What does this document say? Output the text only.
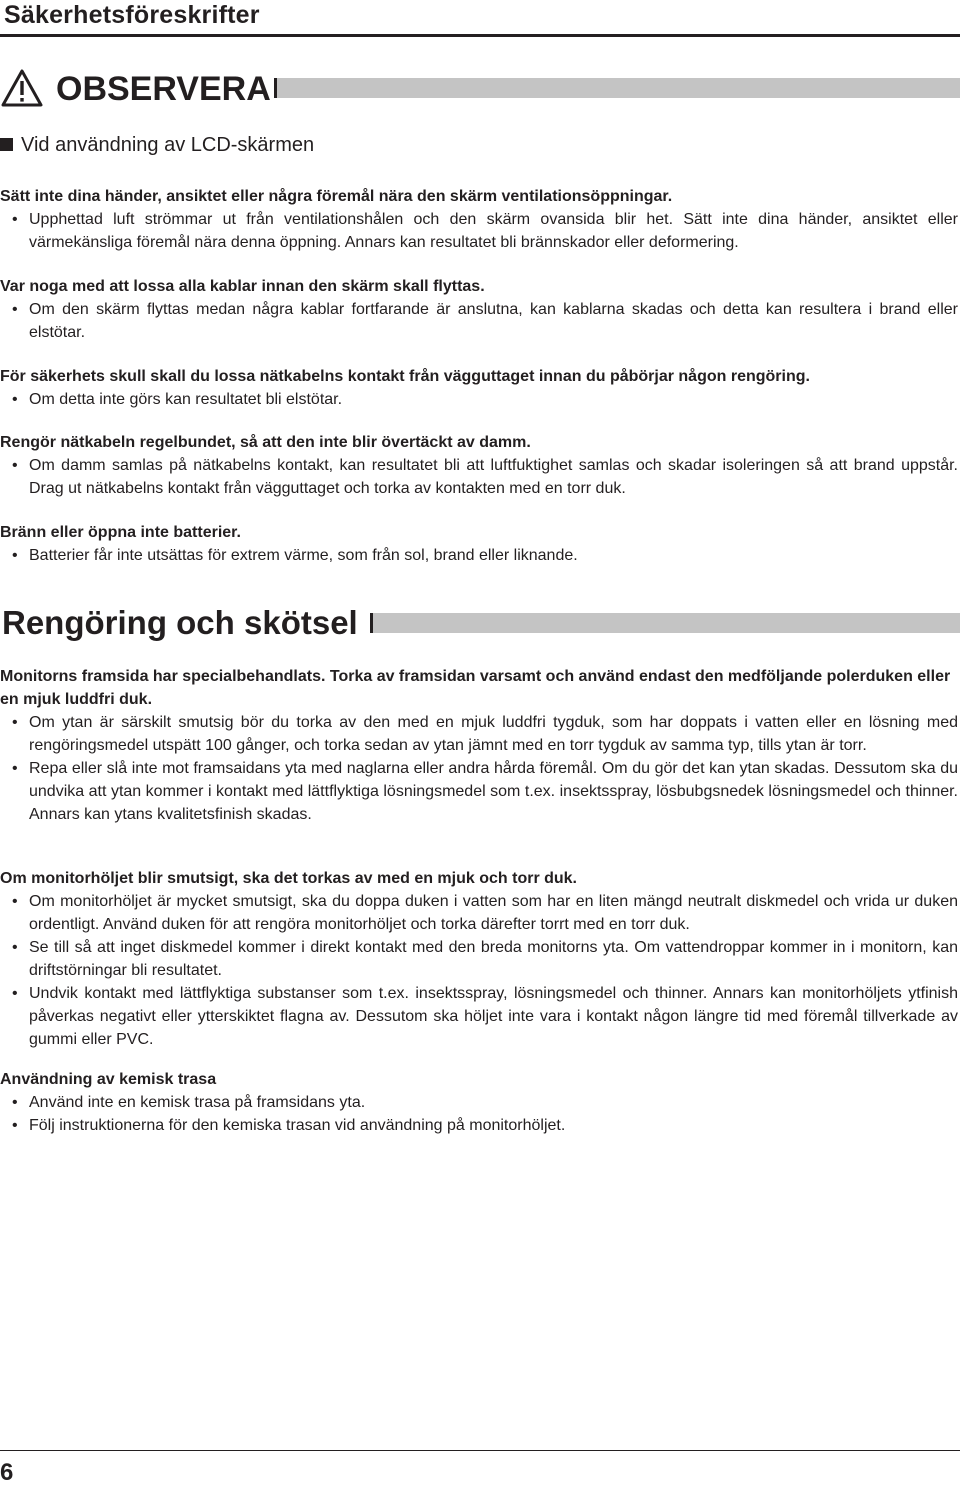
Säkerhetsföreskrifter
OBSERVERA
Vid användning av LCD-skärmen
Sätt inte dina händer, ansiktet eller några föremål nära den skärm ventilationsöppningar.
• Upphettad luft strömmar ut från ventilationshålen och den skärm ovansida blir het. Sätt inte dina händer, ansiktet eller värmekänsliga föremål nära denna öppning. Annars kan resultatet bli brännskador eller deformering.
Var noga med att lossa alla kablar innan den skärm skall flyttas.
• Om den skärm flyttas medan några kablar fortfarande är anslutna, kan kablarna skadas och detta kan resultera i brand eller elstötar.
För säkerhets skull skall du lossa nätkabelns kontakt från vägguttaget innan du påbörjar någon rengöring.
• Om detta inte görs kan resultatet bli elstötar.
Rengör nätkabeln regelbundet, så att den inte blir övertäckt av damm.
• Om damm samlas på nätkabelns kontakt, kan resultatet bli att luftfuktighet samlas och skadar isoleringen så att brand uppstår. Drag ut nätkabelns kontakt från vägguttaget och torka av kontakten med en torr duk.
Bränn eller öppna inte batterier.
• Batterier får inte utsättas för extrem värme, som från sol, brand eller liknande.
Rengöring och skötsel
Monitorns framsida har specialbehandlats. Torka av framsidan varsamt och använd endast den medföljande polerduken eller en mjuk luddfri duk.
• Om ytan är särskilt smutsig bör du torka av den med en mjuk luddfri tygduk, som har doppats i vatten eller en lösning med rengöringsmedel utspätt 100 gånger, och torka sedan av ytan jämnt med en torr tygduk av samma typ, tills ytan är torr.
• Repa eller slå inte mot framsaidans yta med naglarna eller andra hårda föremål. Om du gör det kan ytan skadas. Dessutom ska du undvika att ytan kommer i kontakt med lättflyktiga lösningsmedel som t.ex. insektsspray, lösbubgsnedek lösningsmedel och thinner. Annars kan ytans kvalitetsfinish skadas.
Om monitorhöljet blir smutsigt, ska det torkas av med en mjuk och torr duk.
• Om monitorhöljet är mycket smutsigt, ska du doppa duken i vatten som har en liten mängd neutralt diskmedel och vrida ur duken ordentligt. Använd duken för att rengöra monitorhöljet och torka därefter torrt med en torr duk.
• Se till så att inget diskmedel kommer i direkt kontakt med den breda monitorns yta. Om vattendroppar kommer in i monitorn, kan driftstörningar bli resultatet.
• Undvik kontakt med lättflyktiga substanser som t.ex. insektsspray, lösningsmedel och thinner. Annars kan monitorhöljets ytfinish påverkas negativt eller ytterskiktet flagna av. Dessutom ska höljet inte vara i kontakt någon längre tid med föremål tillverkade av gummi eller PVC.
Användning av kemisk trasa
• Använd inte en kemisk trasa på framsidans yta.
• Följ instruktionerna för den kemiska trasan vid användning på monitorhöljet.
6
